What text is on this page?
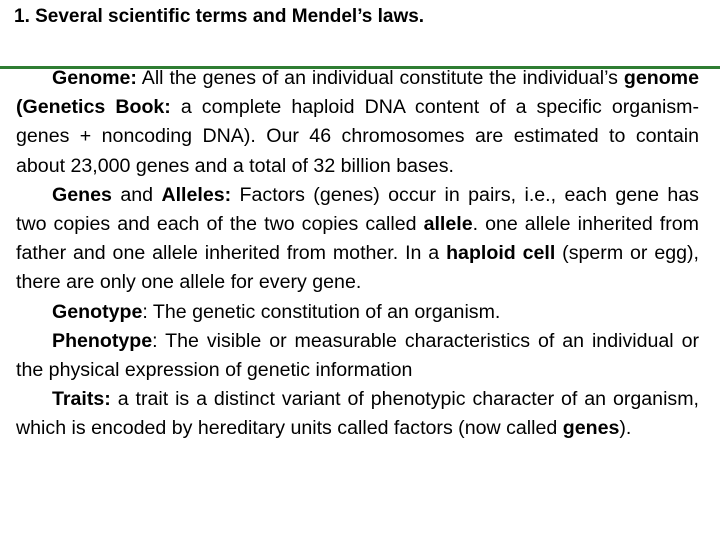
1. Several scientific terms and Mendel’s laws.

Genome: All the genes of an individual constitute the individual’s genome (Genetics Book: a complete haploid DNA content of a specific organism- genes + noncoding DNA). Our 46 chromosomes are estimated to contain about 23,000 genes and a total of 32 billion bases.

Genes and Alleles: Factors (genes) occur in pairs, i.e., each gene has two copies and each of the two copies called allele. one allele inherited from father and one allele inherited from mother. In a haploid cell (sperm or egg), there are only one allele for every gene.

Genotype: The genetic constitution of an organism.

Phenotype: The visible or measurable characteristics of an individual or the physical expression of genetic information

Traits: a trait is a distinct variant of phenotypic character of an organism, which is encoded by hereditary units called factors (now called genes).
